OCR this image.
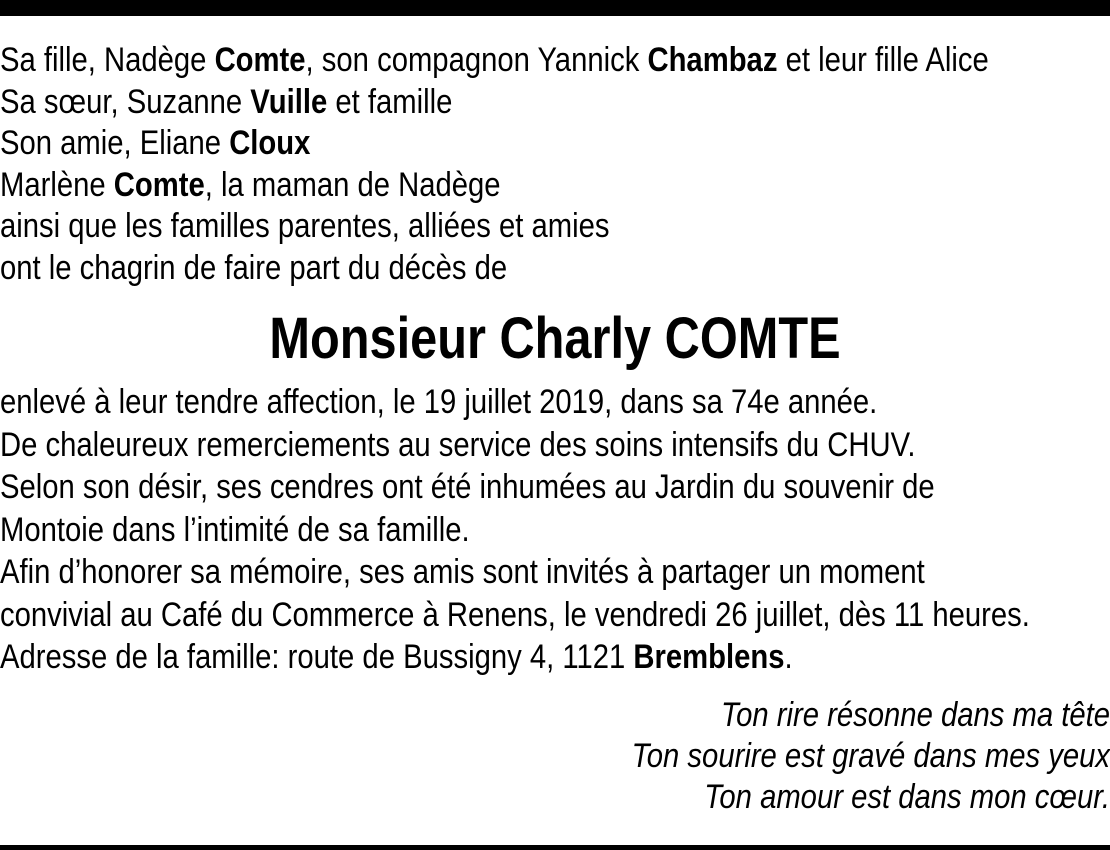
Sa fille, Nadège Comte, son compagnon Yannick Chambaz et leur fille Alice
Sa sœur, Suzanne Vuille et famille
Son amie, Eliane Cloux
Marlène Comte, la maman de Nadège
ainsi que les familles parentes, alliées et amies
ont le chagrin de faire part du décès de
Monsieur Charly COMTE
enlevé à leur tendre affection, le 19 juillet 2019, dans sa 74e année.
De chaleureux remerciements au service des soins intensifs du CHUV.
Selon son désir, ses cendres ont été inhumées au Jardin du souvenir de
Montoie dans l’intimité de sa famille.
Afin d’honorer sa mémoire, ses amis sont invités à partager un moment
convivial au Café du Commerce à Renens, le vendredi 26 juillet, dès 11 heures.
Adresse de la famille: route de Bussigny 4, 1121 Bremblens.
Ton rire résonne dans ma tête
Ton sourire est gravé dans mes yeux
Ton amour est dans mon cœur.
